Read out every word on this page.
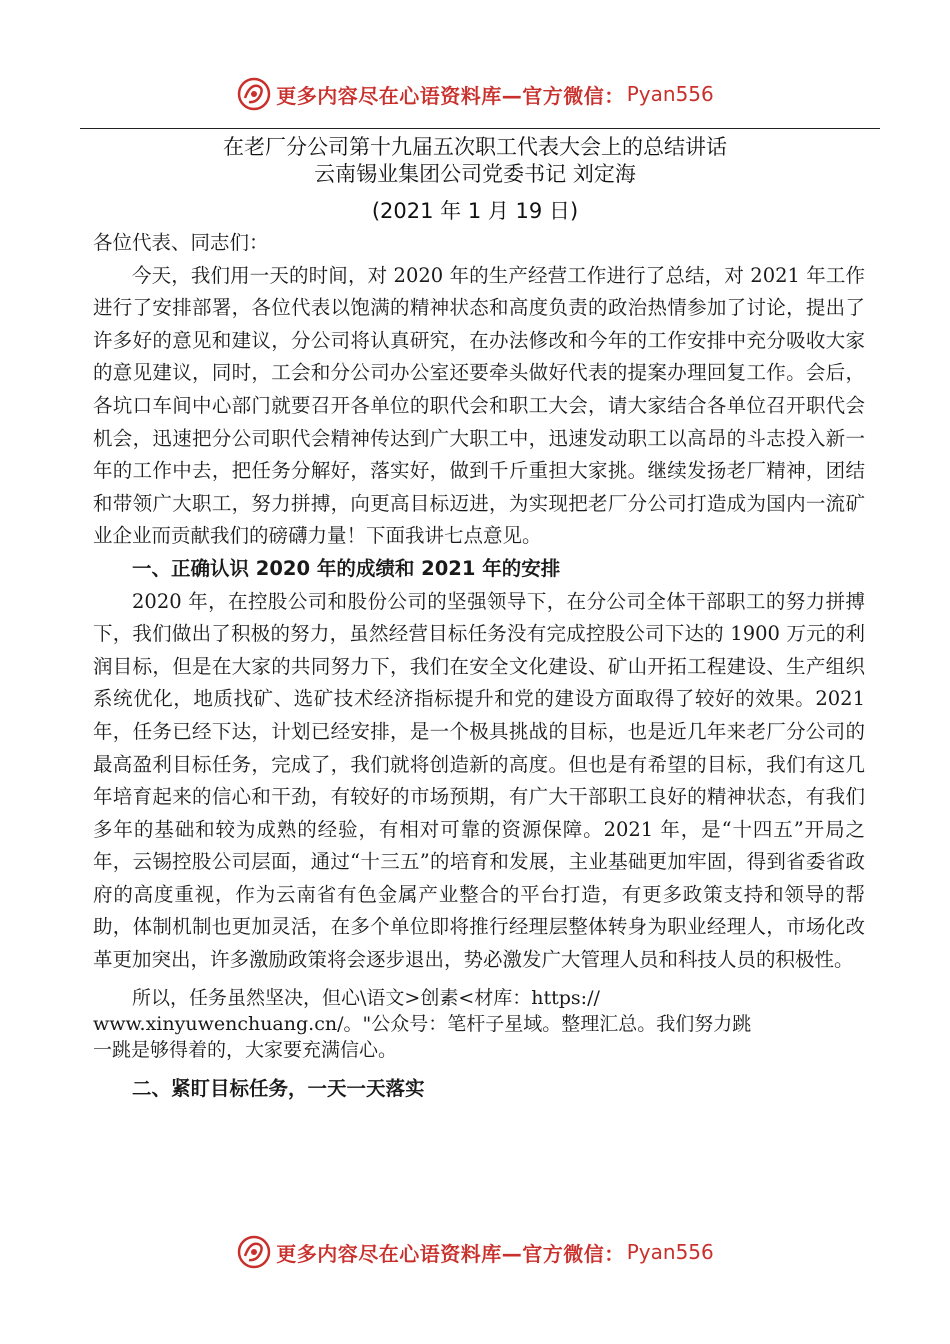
更多内容尽在心语资料库—官方微信： Pyan556
在老厂分公司第十九届五次职工代表大会上的总结讲话
云南锡业集团公司党委书记 刘定海
(2021 年 1 月 19 日)

各位代表、同志们：

今天，我们用一天的时间，对 2020 年的生产经营工作进行了总结，对 2021 年工作进行了安排部署，各位代表以饱满的精神状态和高度负责的政治热情参加了讨论，提出了许多好的意见和建议，分公司将认真研究，在办法修改和今年的工作安排中充分吸收大家的意见建议，同时，工会和分公司办公室还要牵头做好代表的提案办理回复工作。会后，各坑口车间中心部门就要召开各单位的职代会和职工大会，请大家结合各单位召开职代会机会，迅速把分公司职代会精神传达到广大职工中，迅速发动职工以高昂的斗志投入新一年的工作中去，把任务分解好，落实好，做到千斤重担大家挑。继续发扬老厂精神，团结和带领广大职工，努力拼搏，向更高目标迈进，为实现把老厂分公司打造成为国内一流矿业企业而贡献我们的磅礴力量！下面我讲七点意见。

一、正确认识 2020 年的成绩和 2021 年的安排

2020 年，在控股公司和股份公司的坚强领导下，在分公司全体干部职工的努力拼搏下，我们做出了积极的努力，虽然经营目标任务没有完成控股公司下达的 1900 万元的利润目标，但是在大家的共同努力下，我们在安全文化建设、矿山开拓工程建设、生产组织系统优化，地质找矿、选矿技术经济指标提升和党的建设方面取得了较好的效果。2021 年，任务已经下达，计划已经安排，是一个极具挑战的目标，也是近几年来老厂分公司的最高盈利目标任务，完成了，我们就将创造新的高度。但也是有希望的目标，我们有这几年培育起来的信心和干劲，有较好的市场预期，有广大干部职工良好的精神状态，有我们多年的基础和较为成熟的经验，有相对可靠的资源保障。2021 年，是“十四五”开局之年，云锡控股公司层面，通过“十三五”的培育和发展，主业基础更加牢固，得到省委省政府的高度重视，作为云南省有色金属产业整合的平台打造，有更多政策支持和领导的帮助，体制机制也更加灵活，在多个单位即将推行经理层整体转身为职业经理人，市场化改革更加突出，许多激励政策将会逐步退出，势必激发广大管理人员和科技人员的积极性。

所以，任务虽然坚决，但心\语文>创素<材库：https://
www.xinyuwenchuang.cn/。"公众号：笔杆子星域。整理汇总。我们努力跳
一跳是够得着的，大家要充满信心。

二、紧盯目标任务，一天一天落实

更多内容尽在心语资料库—官方微信： Pyan556
